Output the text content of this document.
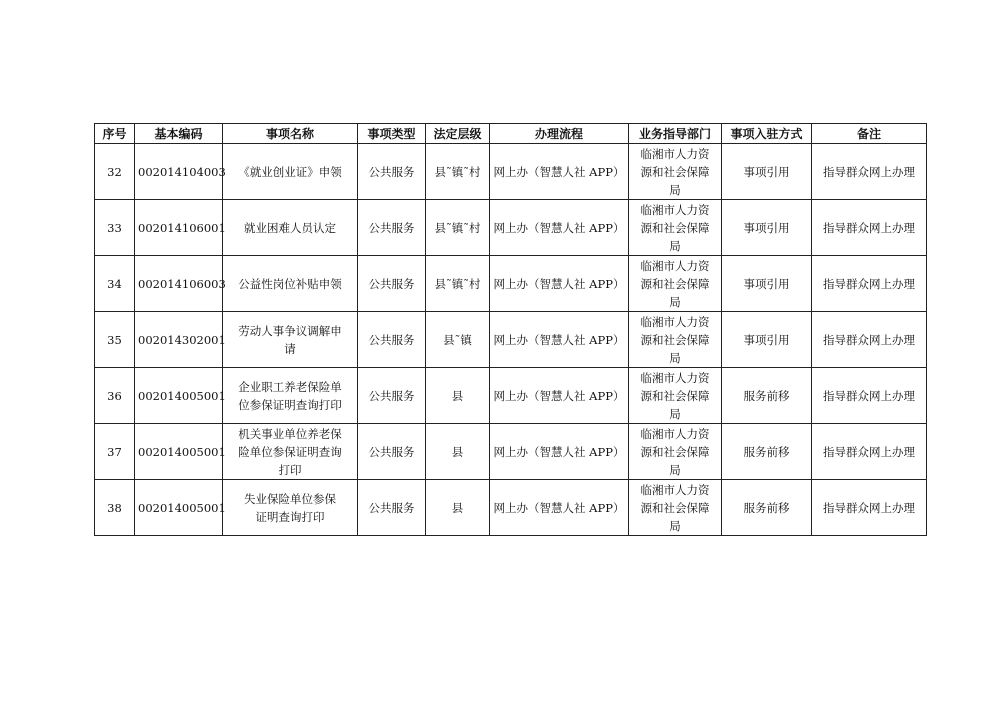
序号	基本编码	事项名称	事项类型	法定层级	办理流程	业务指导部门	事项入驻方式	备注
32	002014104003	《就业创业证》申领	公共服务	县˜镇˜村	网上办（智慧人社 APP）	临湘市人力资源和社会保障局	事项引用	指导群众网上办理
33	002014106001	就业困难人员认定	公共服务	县˜镇˜村	网上办（智慧人社 APP）	临湘市人力资源和社会保障局	事项引用	指导群众网上办理
34	002014106003	公益性岗位补贴申领	公共服务	县˜镇˜村	网上办（智慧人社 APP）	临湘市人力资源和社会保障局	事项引用	指导群众网上办理
35	002014302001	劳动人事争议调解申请	公共服务	县˜镇	网上办（智慧人社 APP）	临湘市人力资源和社会保障局	事项引用	指导群众网上办理
36	002014005001	企业职工养老保险单位参保证明查询打印	公共服务	县	网上办（智慧人社 APP）	临湘市人力资源和社会保障局	服务前移	指导群众网上办理
37	002014005001	机关事业单位养老保险单位参保证明查询打印	公共服务	县	网上办（智慧人社 APP）	临湘市人力资源和社会保障局	服务前移	指导群众网上办理
38	002014005001	失业保险单位参保证明查询打印	公共服务	县	网上办（智慧人社 APP）	临湘市人力资源和社会保障局	服务前移	指导群众网上办理
